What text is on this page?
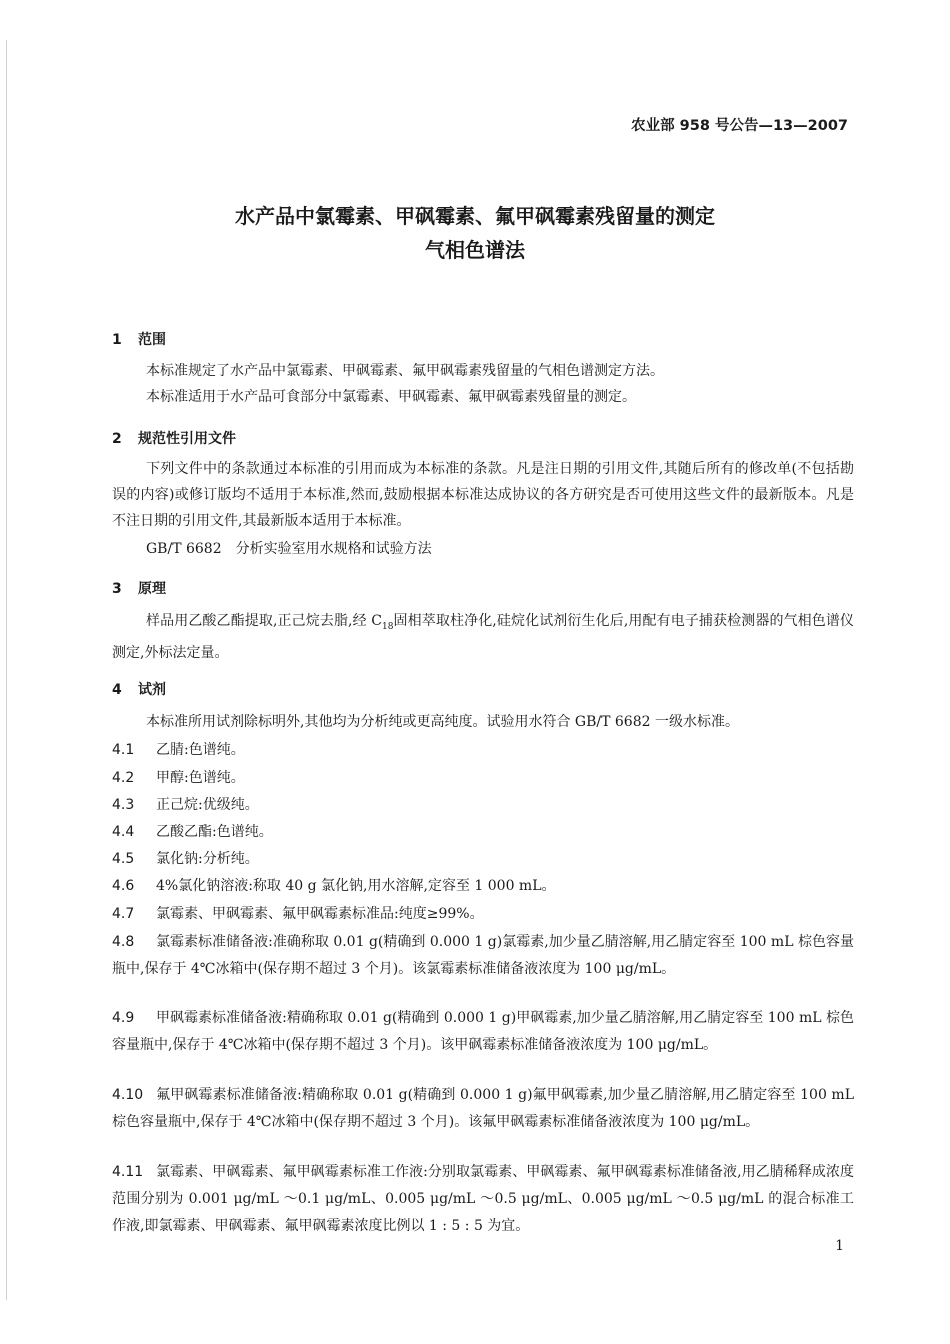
农业部 958 号公告—13—2007
水产品中氯霉素、甲砜霉素、氟甲砜霉素残留量的测定
气相色谱法
1 范围
本标准规定了水产品中氯霉素、甲砜霉素、氟甲砜霉素残留量的气相色谱测定方法。
本标准适用于水产品可食部分中氯霉素、甲砜霉素、氟甲砜霉素残留量的测定。
2 规范性引用文件
下列文件中的条款通过本标准的引用而成为本标准的条款。凡是注日期的引用文件,其随后所有的修改单(不包括勘误的内容)或修订版均不适用于本标准,然而,鼓励根据本标准达成协议的各方研究是否可使用这些文件的最新版本。凡是不注日期的引用文件,其最新版本适用于本标准。
GB/T 6682　分析实验室用水规格和试验方法
3 原理
样品用乙酸乙酯提取,正己烷去脂,经 $C_{18}$固相萃取柱净化,硅烷化试剂衍生化后,用配有电子捕获检测器的气相色谱仪测定,外标法定量。
4 试剂
本标准所用试剂除标明外,其他均为分析纯或更高纯度。试验用水符合 GB/T 6682 一级水标准。
4.1 乙腈:色谱纯。
4.2 甲醇:色谱纯。
4.3 正己烷:优级纯。
4.4 乙酸乙酯:色谱纯。
4.5 氯化钠:分析纯。
4.6 4%氯化钠溶液:称取 40 g 氯化钠,用水溶解,定容至 1 000 mL。
4.7 氯霉素、甲砜霉素、氟甲砜霉素标准品:纯度≥99%。
4.8 氯霉素标准储备液:准确称取 0.01 g(精确到 0.000 1 g)氯霉素,加少量乙腈溶解,用乙腈定容至 100 mL 棕色容量瓶中,保存于 4℃冰箱中(保存期不超过 3 个月)。该氯霉素标准储备液浓度为 100 μg/mL。
4.9 甲砜霉素标准储备液:精确称取 0.01 g(精确到 0.000 1 g)甲砜霉素,加少量乙腈溶解,用乙腈定容至 100 mL 棕色容量瓶中,保存于 4℃冰箱中(保存期不超过 3 个月)。该甲砜霉素标准储备液浓度为 100 μg/mL。
4.10 氟甲砜霉素标准储备液:精确称取 0.01 g(精确到 0.000 1 g)氟甲砜霉素,加少量乙腈溶解,用乙腈定容至 100 mL 棕色容量瓶中,保存于 4℃冰箱中(保存期不超过 3 个月)。该氟甲砜霉素标准储备液浓度为 100 μg/mL。
4.11 氯霉素、甲砜霉素、氟甲砜霉素标准工作液:分别取氯霉素、甲砜霉素、氟甲砜霉素标准储备液,用乙腈稀释成浓度范围分别为 0.001 μg/mL ～0.1 μg/mL、0.005 μg/mL ～0.5 μg/mL、0.005 μg/mL ～0.5 μg/mL 的混合标准工作液,即氯霉素、甲砜霉素、氟甲砜霉素浓度比例以 1 : 5 : 5 为宜。
1
